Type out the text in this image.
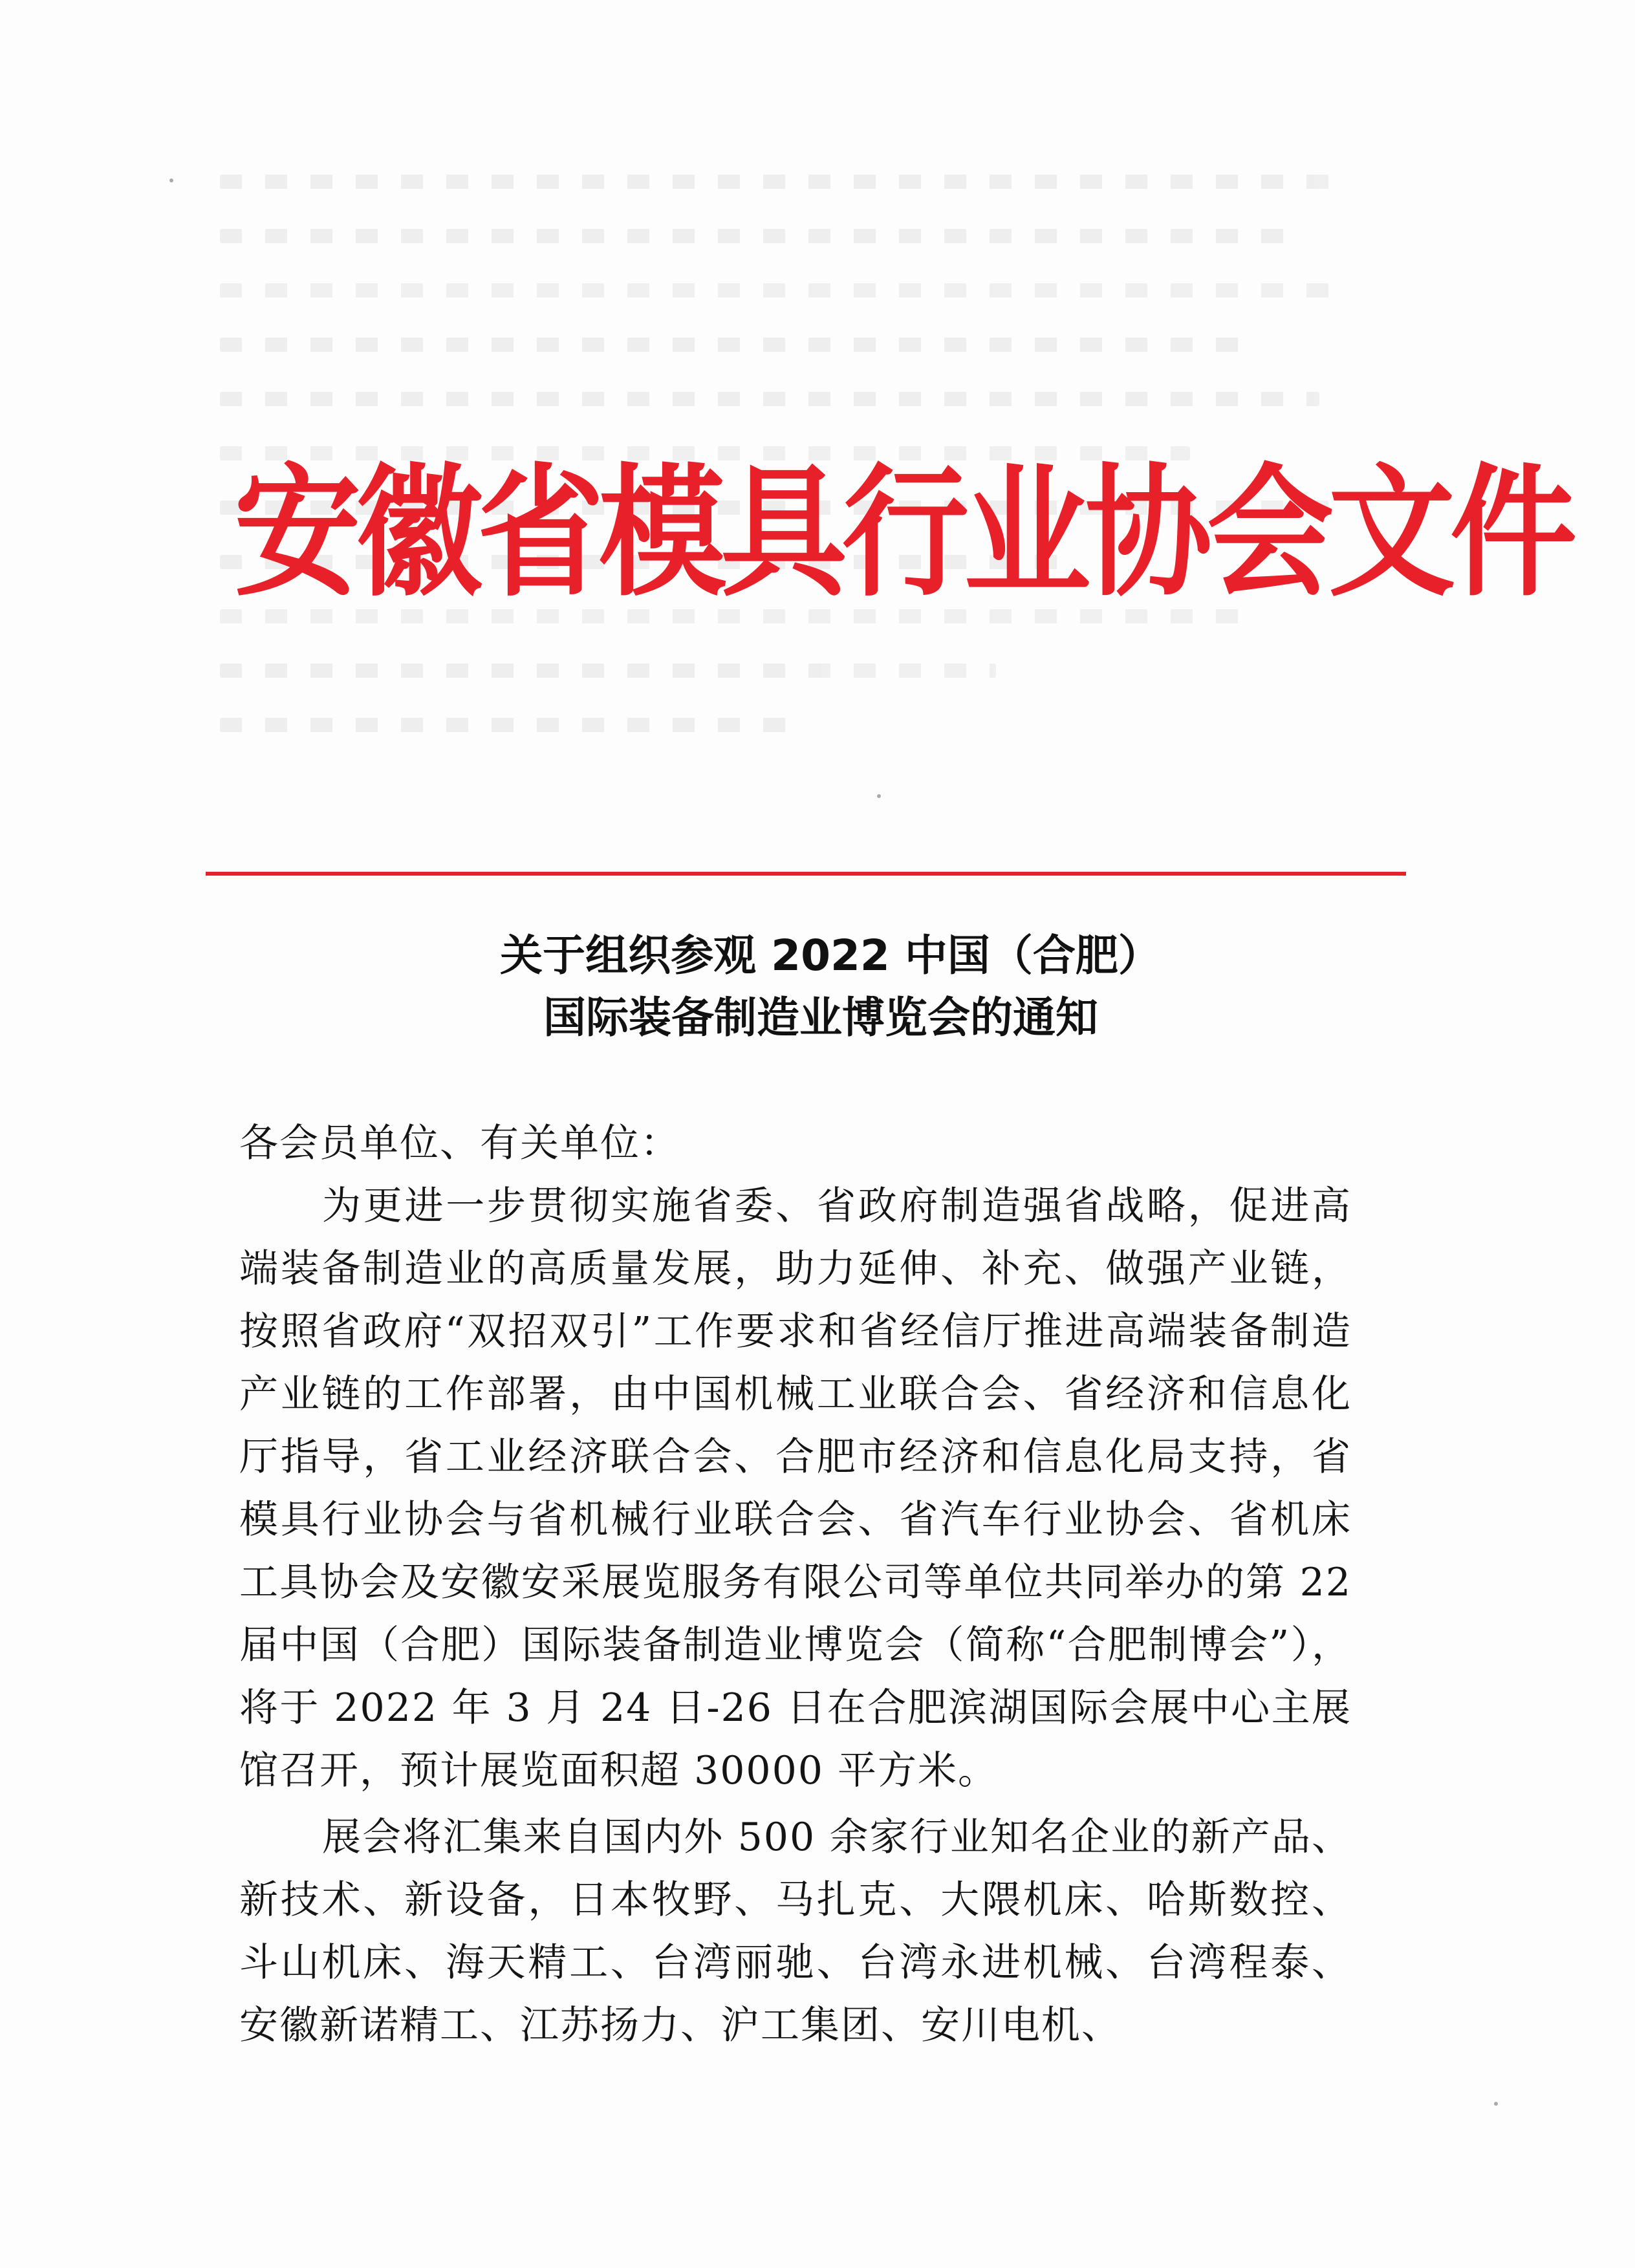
安徽省模具行业协会文件
关于组织参观 2022 中国（合肥）
国际装备制造业博览会的通知

各会员单位、有关单位：

为更进一步贯彻实施省委、省政府制造强省战略，促进高端装备制造业的高质量发展，助力延伸、补充、做强产业链，按照省政府“双招双引”工作要求和省经信厅推进高端装备制造产业链的工作部署，由中国机械工业联合会、省经济和信息化厅指导，省工业经济联合会、合肥市经济和信息化局支持，省模具行业协会与省机械行业联合会、省汽车行业协会、省机床工具协会及安徽安采展览服务有限公司等单位共同举办的第 22 届中国（合肥）国际装备制造业博览会（简称“合肥制博会”），将于 2022 年 3 月 24 日-26 日在合肥滨湖国际会展中心主展馆召开，预计展览面积超 30000 平方米。

展会将汇集来自国内外 500 余家行业知名企业的新产品、新技术、新设备，日本牧野、马扎克、大隈机床、哈斯数控、斗山机床、海天精工、台湾丽驰、台湾永进机械、台湾程泰、安徽新诺精工、江苏扬力、沪工集团、安川电机、
